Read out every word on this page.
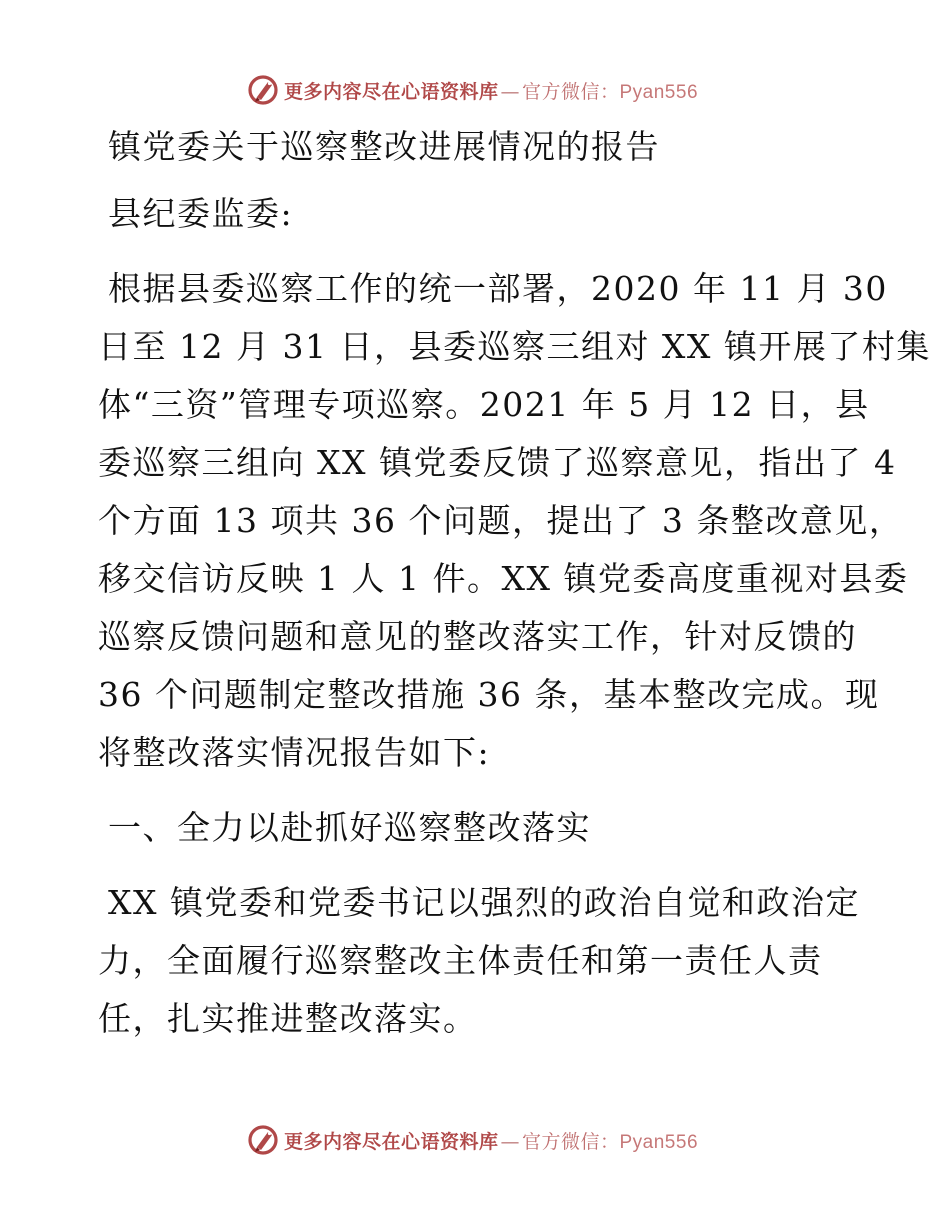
更多内容尽在心语资料库 — 官方微信：Pyan556

镇党委关于巡察整改进展情况的报告

县纪委监委:

根据县委巡察工作的统一部署，2020 年 11 月 30

日至 12 月 31 日，县委巡察三组对 XX 镇开展了村集

体“三资”管理专项巡察。2021 年 5 月 12 日，县

委巡察三组向 XX 镇党委反馈了巡察意见，指出了 4

个方面 13 项共 36 个问题，提出了 3 条整改意见，

移交信访反映 1 人 1 件。XX 镇党委高度重视对县委

巡察反馈问题和意见的整改落实工作，针对反馈的

36 个问题制定整改措施 36 条，基本整改完成。现

将整改落实情况报告如下:

一、全力以赴抓好巡察整改落实

XX 镇党委和党委书记以强烈的政治自觉和政治定

力，全面履行巡察整改主体责任和第一责任人责

任，扎实推进整改落实。

更多内容尽在心语资料库 — 官方微信：Pyan556
